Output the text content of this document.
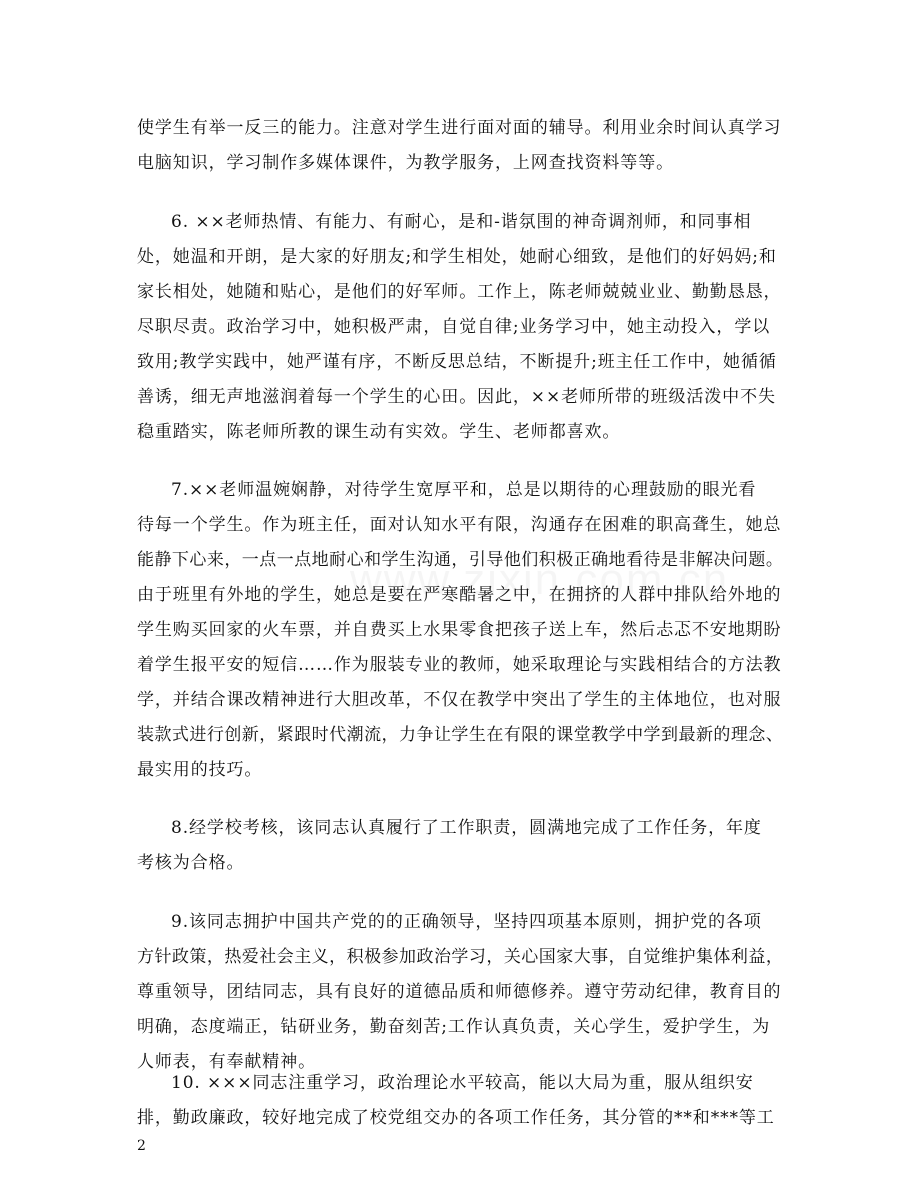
使学生有举一反三的能力。注意对学生进行面对面的辅导。利用业余时间认真学习
电脑知识，学习制作多媒体课件，为教学服务，上网查找资料等等。
6. ××老师热情、有能力、有耐心，是和-谐氛围的神奇调剂师，和同事相
处，她温和开朗，是大家的好朋友;和学生相处，她耐心细致，是他们的好妈妈;和
家长相处，她随和贴心，是他们的好军师。工作上，陈老师兢兢业业、勤勤恳恳，
尽职尽责。政治学习中，她积极严肃，自觉自律;业务学习中，她主动投入，学以
致用;教学实践中，她严谨有序，不断反思总结，不断提升;班主任工作中，她循循
善诱，细无声地滋润着每一个学生的心田。因此，××老师所带的班级活泼中不失
稳重踏实，陈老师所教的课生动有实效。学生、老师都喜欢。
7.××老师温婉娴静，对待学生宽厚平和，总是以期待的心理鼓励的眼光看
待每一个学生。作为班主任，面对认知水平有限，沟通存在困难的职高聋生，她总
能静下心来，一点一点地耐心和学生沟通，引导他们积极正确地看待是非解决问题。
由于班里有外地的学生，她总是要在严寒酷暑之中，在拥挤的人群中排队给外地的
学生购买回家的火车票，并自费买上水果零食把孩子送上车，然后忐忑不安地期盼
着学生报平安的短信……作为服装专业的教师，她采取理论与实践相结合的方法教
学，并结合课改精神进行大胆改革，不仅在教学中突出了学生的主体地位，也对服
装款式进行创新，紧跟时代潮流，力争让学生在有限的课堂教学中学到最新的理念、
最实用的技巧。
8.经学校考核，该同志认真履行了工作职责，圆满地完成了工作任务，年度
考核为合格。
9.该同志拥护中国共产党的的正确领导，坚持四项基本原则，拥护党的各项
方针政策，热爱社会主义，积极参加政治学习，关心国家大事，自觉维护集体利益，
尊重领导，团结同志，具有良好的道德品质和师德修养。遵守劳动纪律，教育目的
明确，态度端正，钻研业务，勤奋刻苦;工作认真负责，关心学生，爱护学生，为
人师表，有奉献精神。
10. ×××同志注重学习，政治理论水平较高，能以大局为重，服从组织安
排，勤政廉政，较好地完成了校党组交办的各项工作任务，其分管的**和***等工
2
